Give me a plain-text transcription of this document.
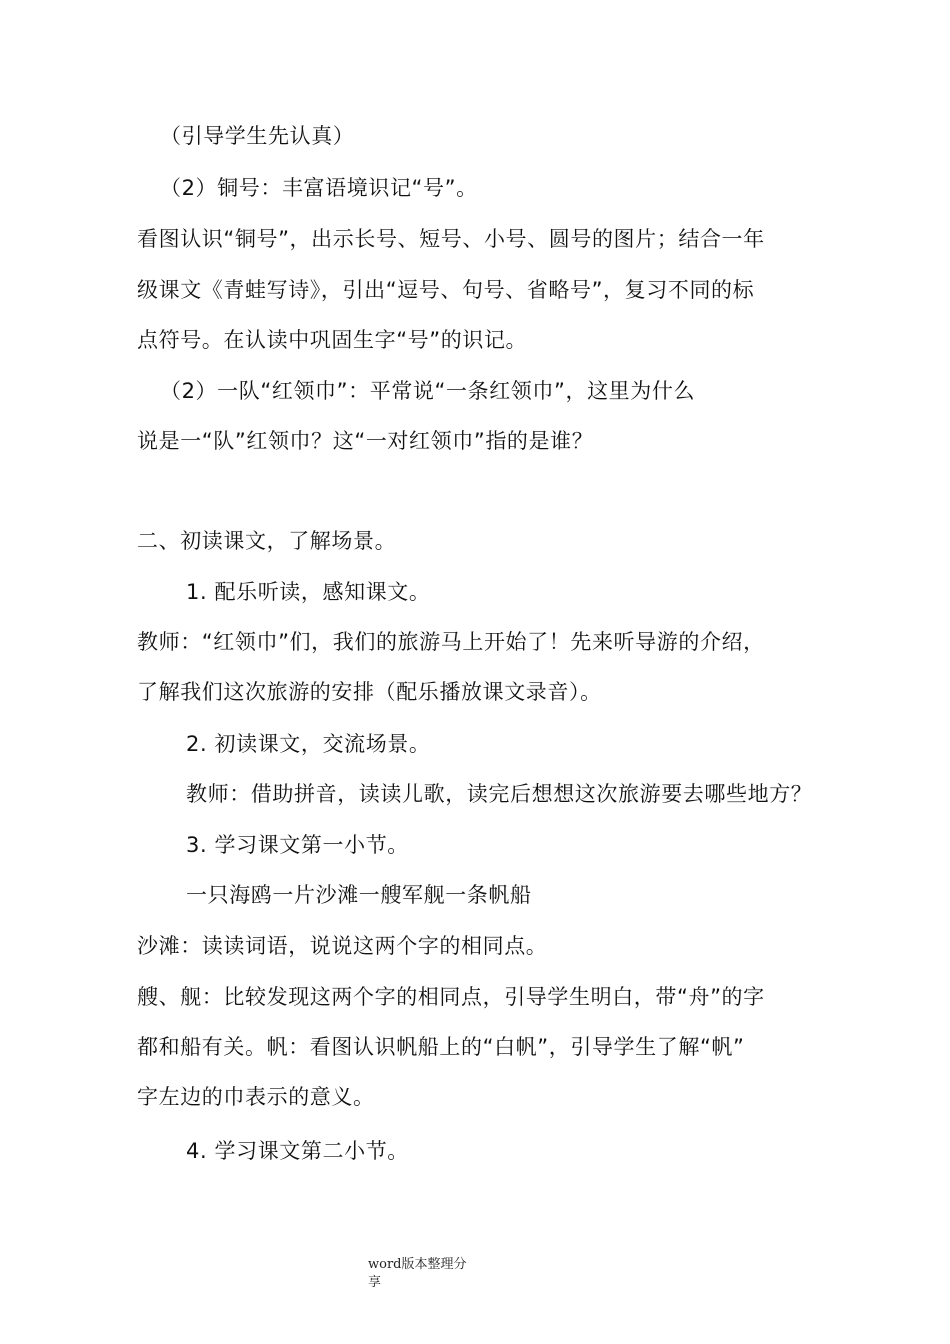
（引导学生先认真）
（2）铜号：丰富语境识记“号”。
看图认识“铜号”，出示长号、短号、小号、圆号的图片；结合一年
级课文《青蛙写诗》，引出“逗号、句号、省略号”，复习不同的标
点符号。在认读中巩固生字“号”的识记。
（2）一队“红领巾”：平常说“一条红领巾”，这里为什么
说是一“队”红领巾？这“一对红领巾”指的是谁？
二、初读课文，了解场景。
1. 配乐听读，感知课文。
教师：“红领巾”们，我们的旅游马上开始了！先来听导游的介绍，
了解我们这次旅游的安排（配乐播放课文录音）。
2. 初读课文，交流场景。
教师：借助拼音，读读儿歌，读完后想想这次旅游要去哪些地方？
3. 学习课文第一小节。
一只海鸥一片沙滩一艘军舰一条帆船
沙滩：读读词语，说说这两个字的相同点。
艘、舰：比较发现这两个字的相同点，引导学生明白，带“舟”的字
都和船有关。帆：看图认识帆船上的“白帆”，引导学生了解“帆”
字左边的巾表示的意义。
4. 学习课文第二小节。
word版本整理分享
